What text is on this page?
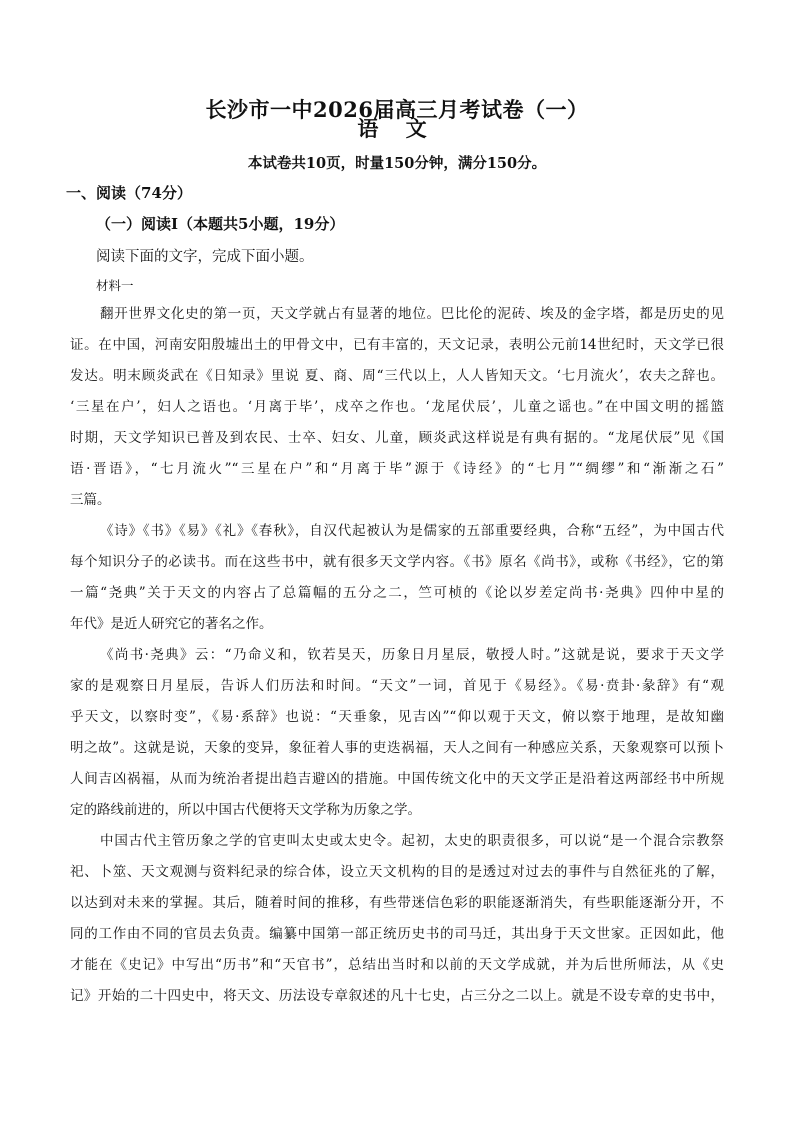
长沙市一中2026届高三月考试卷（一）
语 文
本试卷共10页，时量150分钟，满分150分。
一、阅读（74分）
（一）阅读Ⅰ（本题共5小题，19分）
阅读下面的文字，完成下面小题。
材料一
翻开世界文化史的第一页，天文学就占有显著的地位。巴比伦的泥砖、埃及的金字塔，都是历史的见
证。在中国，河南安阳殷墟出土的甲骨文中，已有丰富的，天文记录，表明公元前14世纪时，天文学已很
发达。明末顾炎武在《日知录》里说 夏、商、周“三代以上，人人皆知天文。‘七月流火’，农夫之辞也。
‘三星在户’，妇人之语也。‘月离于毕’，戍卒之作也。‘龙尾伏辰’，儿童之谣也。”在中国文明的摇篮
时期，天文学知识已普及到农民、士卒、妇女、儿童，顾炎武这样说是有典有据的。“龙尾伏辰”见《国
语·晋语》，“七月流火”“三星在户”和“月离于毕”源于《诗经》的“七月”“绸缪”和“渐渐之石”
三篇。
《诗》《书》《易》《礼》《春秋》，自汉代起被认为是儒家的五部重要经典，合称“五经”，为中国古代
每个知识分子的必读书。而在这些书中，就有很多天文学内容。《书》原名《尚书》，或称《书经》，它的第
一篇“尧典”关于天文的内容占了总篇幅的五分之二，竺可桢的《论以岁差定尚书·尧典》四仲中星的
年代》是近人研究它的著名之作。
《尚书·尧典》云：“乃命义和，钦若昊天，历象日月星辰，敬授人时。”这就是说，要求于天文学
家的是观察日月星辰，告诉人们历法和时间。“天文”一词，首见于《易经》。《易·贲卦·彖辞》有“观
乎天文，以察时变”，《易·系辞》也说：“天垂象，见吉凶”“仰以观于天文，俯以察于地理，是故知幽
明之故”。这就是说，天象的变异，象征着人事的吏迭祸福，天人之间有一种感应关系，天象观察可以预卜
人间吉凶祸福，从而为统治者提出趋吉避凶的措施。中国传统文化中的天文学正是沿着这两部经书中所规
定的路线前进的，所以中国古代便将天文学称为历象之学。
中国古代主管历象之学的官吏叫太史或太史令。起初，太史的职责很多，可以说“是一个混合宗教祭
祀、卜筮、天文观测与资料纪录的综合体，设立天文机构的目的是透过对过去的事件与自然征兆的了解，
以达到对未来的掌握。其后，随着时间的推移，有些带迷信色彩的职能逐渐消失，有些职能逐渐分开，不
同的工作由不同的官员去负责。编纂中国第一部正统历史书的司马迁，其出身于天文世家。正因如此，他
才能在《史记》中写出“历书”和“天官书”，总结出当时和以前的天文学成就，并为后世所师法，从《史
记》开始的二十四史中，将天文、历法设专章叙述的凡十七史，占三分之二以上。就是不设专章的史书中，
